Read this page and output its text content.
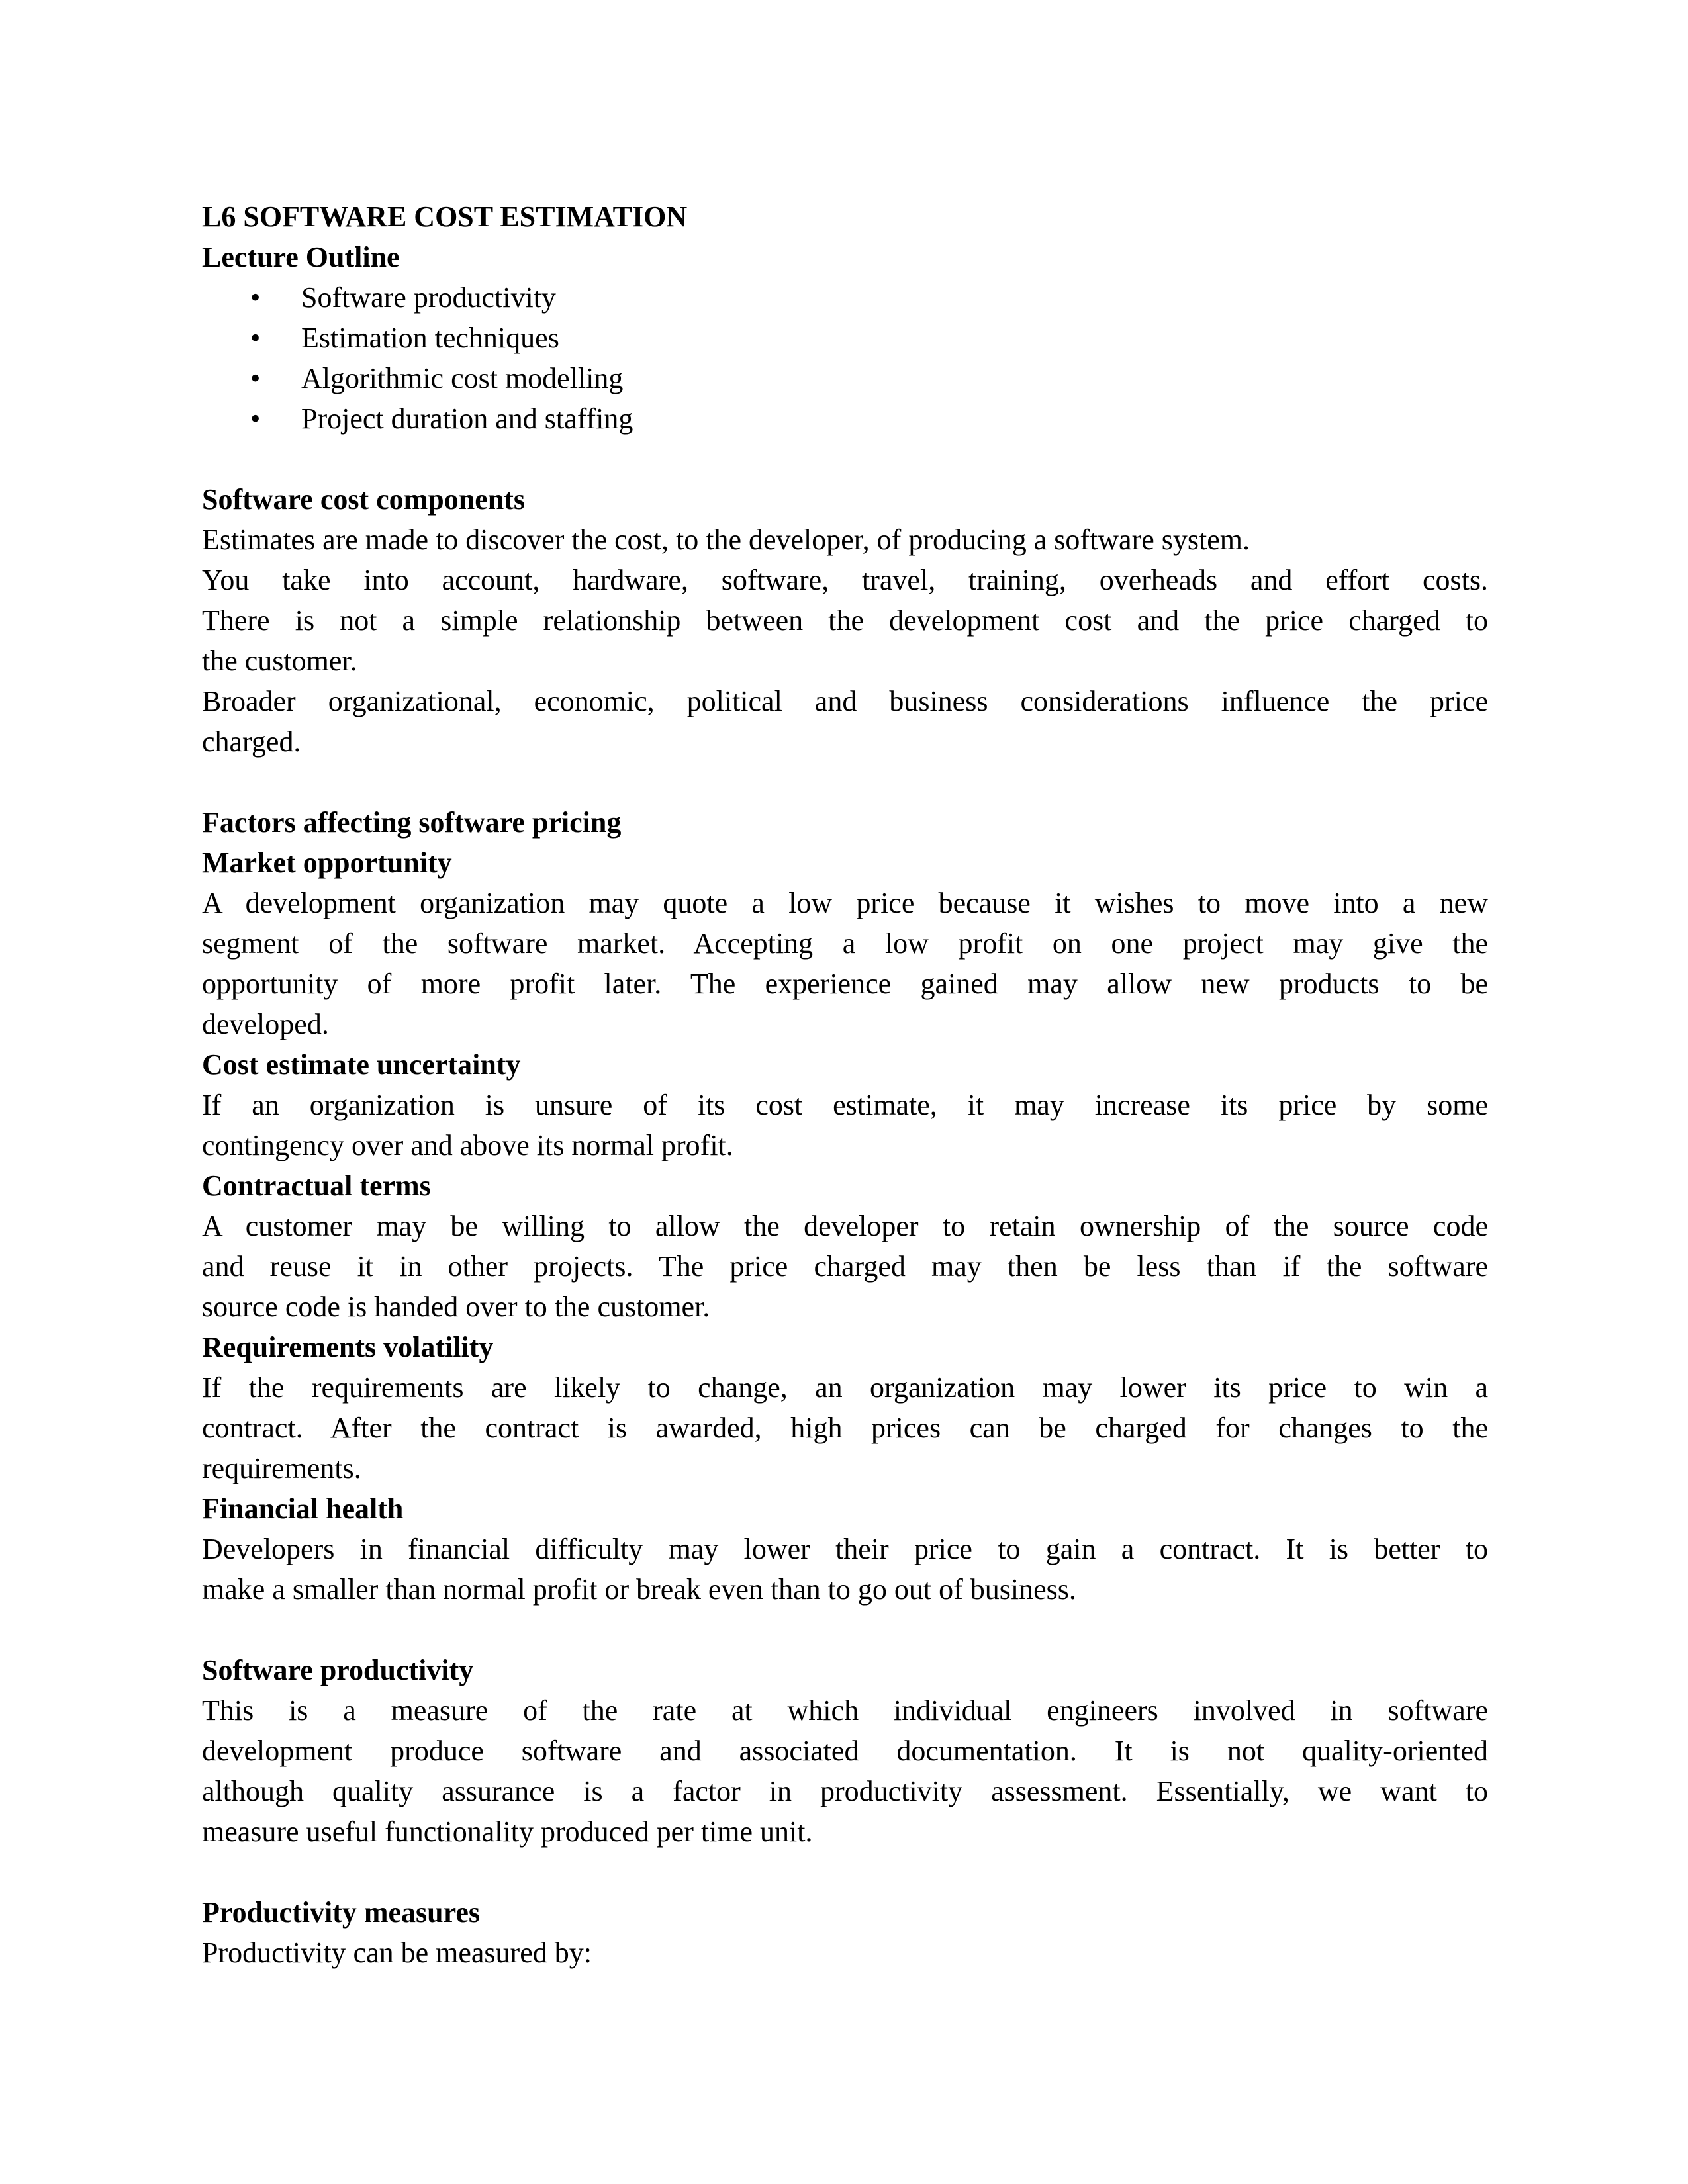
L6 SOFTWARE COST ESTIMATION
Lecture Outline
• Software productivity
• Estimation techniques
• Algorithmic cost modelling
• Project duration and staffing
Software cost components
Estimates are made to discover the cost, to the developer, of producing a software system.
You take into account, hardware, software, travel, training, overheads and effort costs.
There is not a simple relationship between the development cost and the price charged to
the customer.
Broader organizational, economic, political and business considerations influence the price
charged.
Factors affecting software pricing
Market opportunity
A development organization may quote a low price because it wishes to move into a new
segment of the software market. Accepting a low profit on one project may give the
opportunity of more profit later. The experience gained may allow new products to be
developed.
Cost estimate uncertainty
If an organization is unsure of its cost estimate, it may increase its price by some
contingency over and above its normal profit.
Contractual terms
A customer may be willing to allow the developer to retain ownership of the source code
and reuse it in other projects. The price charged may then be less than if the software
source code is handed over to the customer.
Requirements volatility
If the requirements are likely to change, an organization may lower its price to win a
contract. After the contract is awarded, high prices can be charged for changes to the
requirements.
Financial health
Developers in financial difficulty may lower their price to gain a contract. It is better to
make a smaller than normal profit or break even than to go out of business.
Software productivity
This is a measure of the rate at which individual engineers involved in software
development produce software and associated documentation. It is not quality-oriented
although quality assurance is a factor in productivity assessment. Essentially, we want to
measure useful functionality produced per time unit.
Productivity measures
Productivity can be measured by:
